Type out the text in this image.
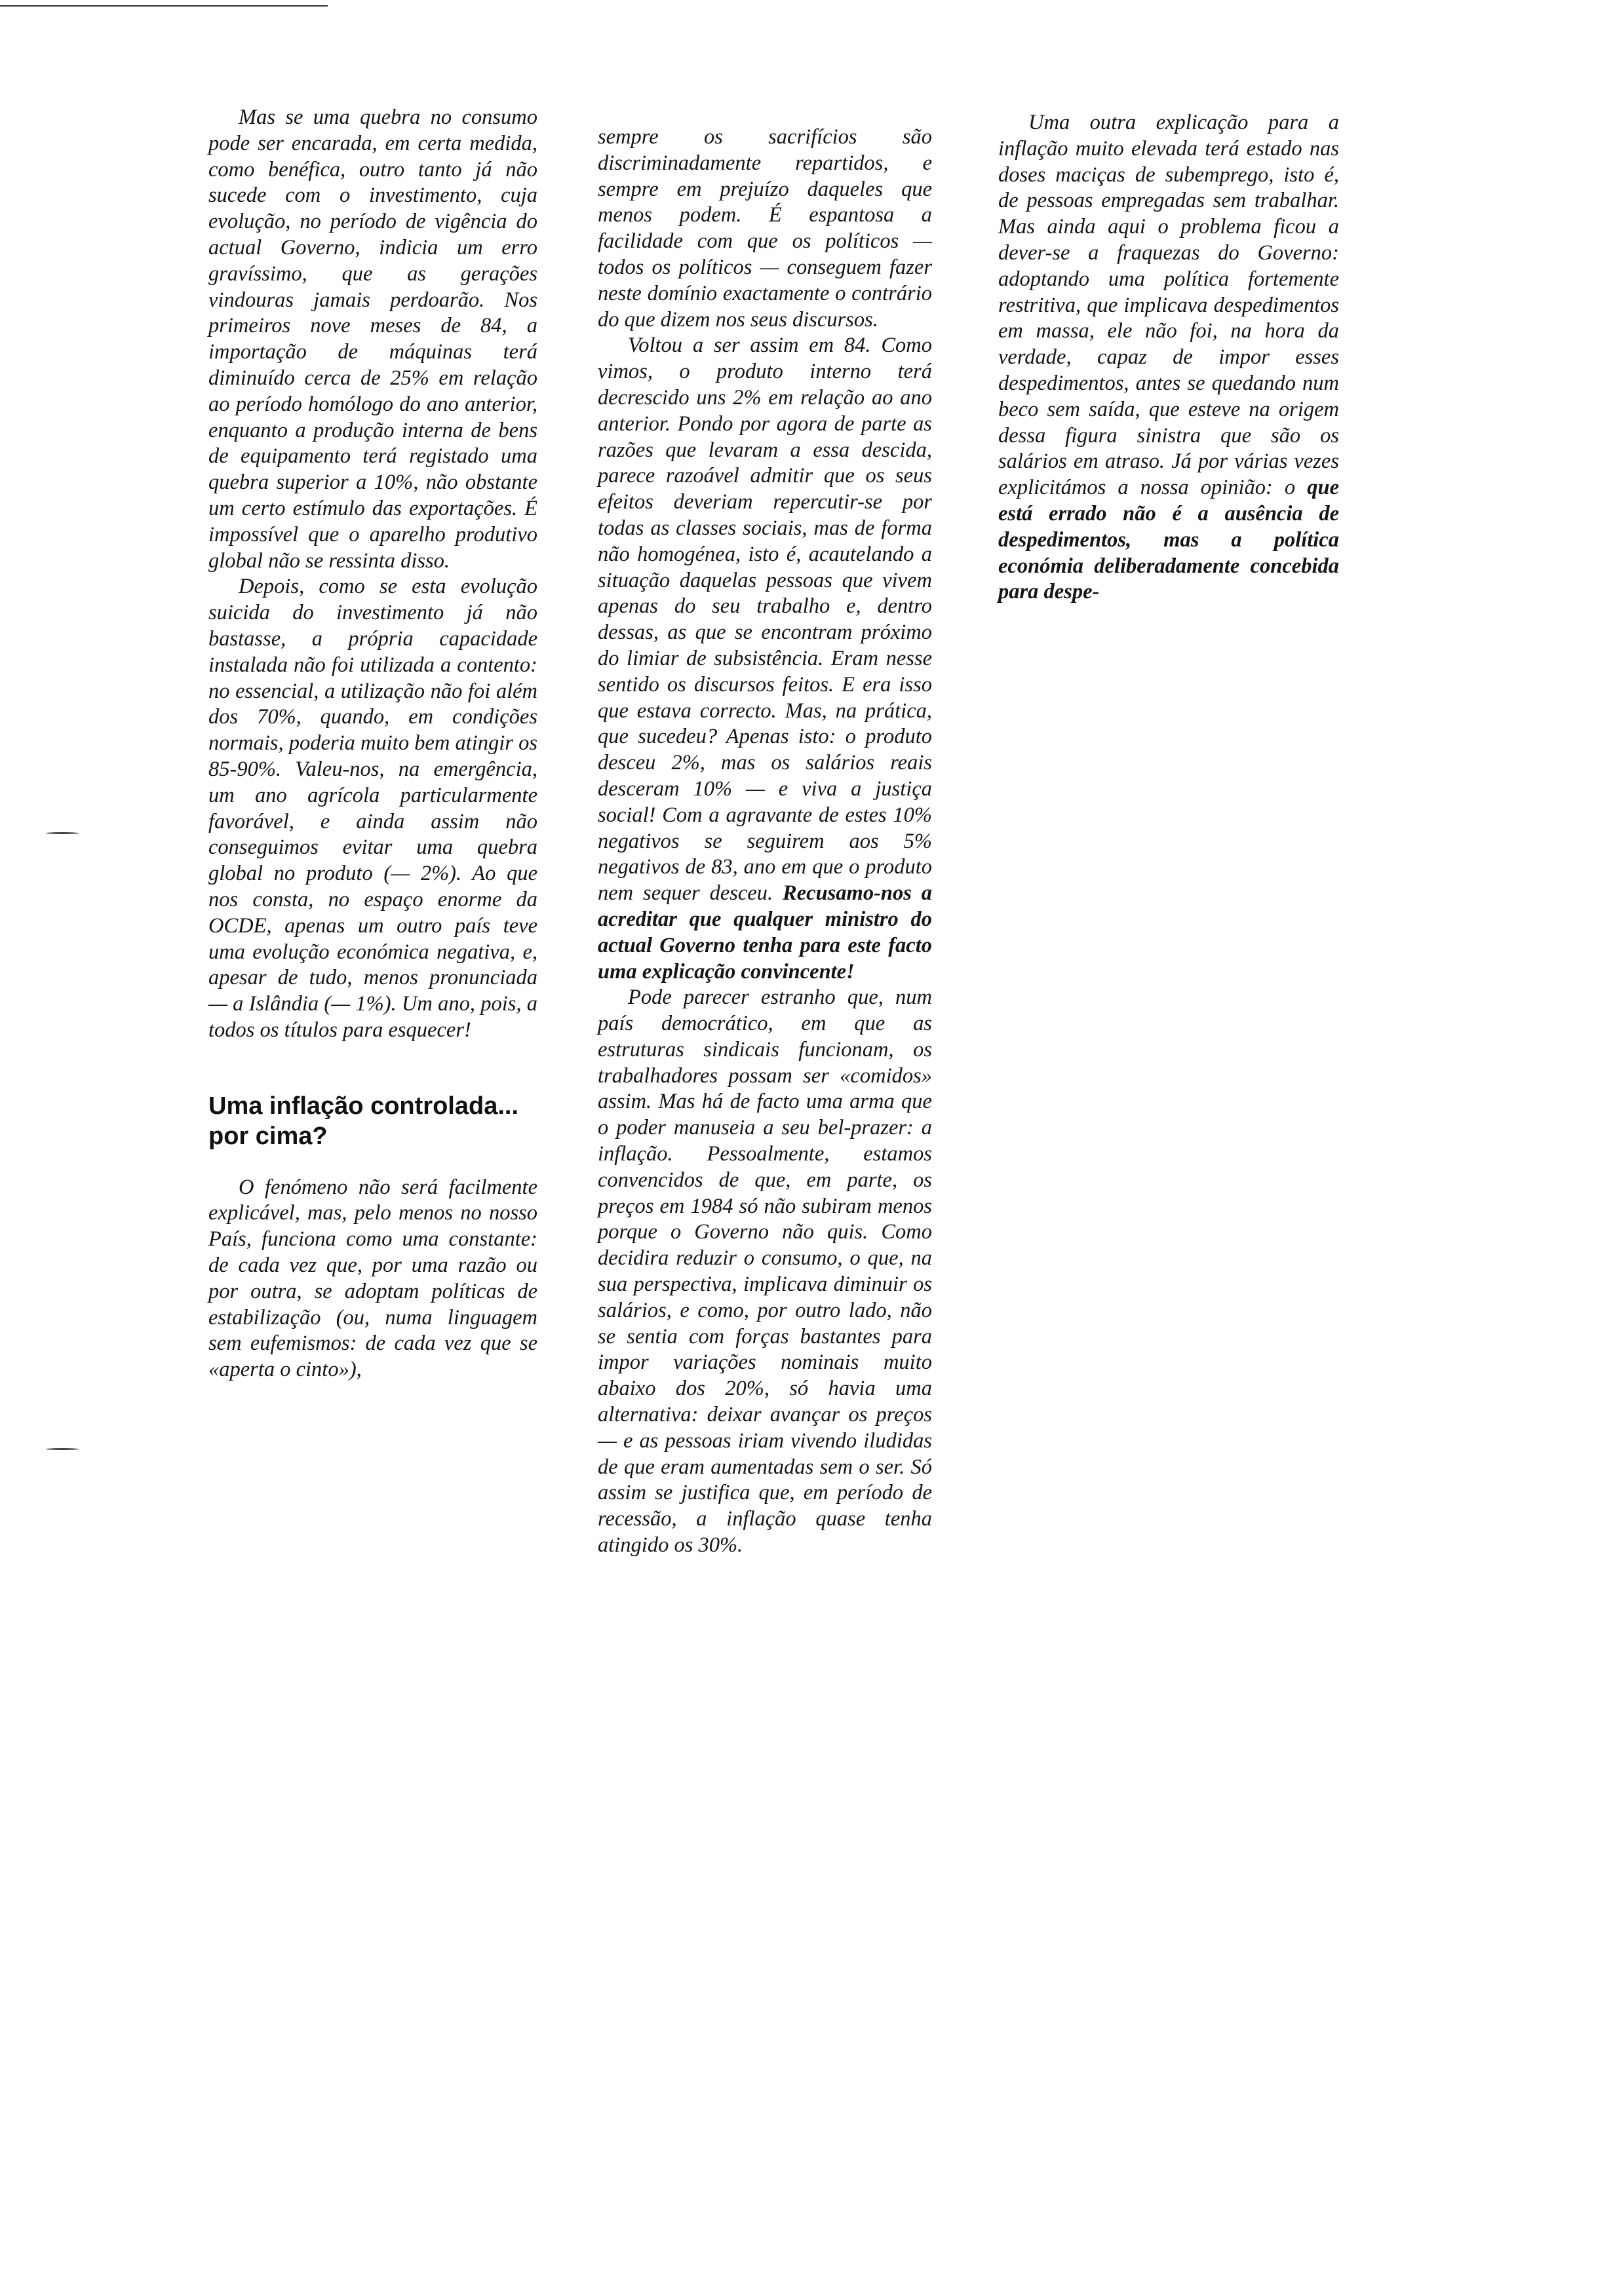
Mas se uma quebra no consumo pode ser encarada, em certa medida, como benéfica, outro tanto já não sucede com o investimento, cuja evolução, no período de vigência do actual Governo, indicia um erro gravíssimo, que as gerações vindouras jamais perdoarão. Nos primeiros nove meses de 84, a importação de máquinas terá diminuído cerca de 25% em relação ao período homólogo do ano anterior, enquanto a produção interna de bens de equipamento terá registado uma quebra superior a 10%, não obstante um certo estímulo das exportações. É impossível que o aparelho produtivo global não se ressinta disso.

Depois, como se esta evolução suicida do investimento já não bastasse, a própria capacidade instalada não foi utilizada a contento: no essencial, a utilização não foi além dos 70%, quando, em condições normais, poderia muito bem atingir os 85-90%. Valeu-nos, na emergência, um ano agrícola particularmente favorável, e ainda assim não conseguimos evitar uma quebra global no produto (— 2%). Ao que nos consta, no espaço enorme da OCDE, apenas um outro país teve uma evolução económica negativa, e, apesar de tudo, menos pronunciada — a Islândia (— 1%). Um ano, pois, a todos os títulos para esquecer!

Uma inflação controlada... por cima?

O fenómeno não será facilmente explicável, mas, pelo menos no nosso País, funciona como uma constante: de cada vez que, por uma razão ou por outra, se adoptam políticas de estabilização (ou, numa linguagem sem eufemismos: de cada vez que se «aperta o cinto»),

sempre os sacrifícios são discriminadamente repartidos, e sempre em prejuízo daqueles que menos podem. É espantosa a facilidade com que os políticos — todos os políticos — conseguem fazer neste domínio exactamente o contrário do que dizem nos seus discursos.

Voltou a ser assim em 84. Como vimos, o produto interno terá decrescido uns 2% em relação ao ano anterior. Pondo por agora de parte as razões que levaram a essa descida, parece razoável admitir que os seus efeitos deveriam repercutir-se por todas as classes sociais, mas de forma não homogénea, isto é, acautelando a situação daquelas pessoas que vivem apenas do seu trabalho e, dentro dessas, as que se encontram próximo do limiar de subsistência. Eram nesse sentido os discursos feitos. E era isso que estava correcto. Mas, na prática, que sucedeu? Apenas isto: o produto desceu 2%, mas os salários reais desceram 10% — e viva a justiça social! Com a agravante de estes 10% negativos se seguirem aos 5% negativos de 83, ano em que o produto nem sequer desceu. Recusamo-nos a acreditar que qualquer ministro do actual Governo tenha para este facto uma explicação convincente!

Pode parecer estranho que, num país democrático, em que as estruturas sindicais funcionam, os trabalhadores possam ser «comidos» assim. Mas há de facto uma arma que o poder manuseia a seu bel-prazer: a inflação. Pessoalmente, estamos convencidos de que, em parte, os preços em 1984 só não subiram menos porque o Governo não quis. Como decidira reduzir o consumo, o que, na sua perspectiva, implicava diminuir os salários, e como, por outro lado, não se sentia com forças bastantes para impor variações nominais muito abaixo dos 20%, só havia uma alternativa: deixar avançar os preços — e as pessoas iriam vivendo iludidas de que eram aumentadas sem o ser. Só assim se justifica que, em período de recessão, a inflação quase tenha atingido os 30%.

Uma outra explicação para a inflação muito elevada terá estado nas doses maciças de subemprego, isto é, de pessoas empregadas sem trabalhar. Mas ainda aqui o problema ficou a dever-se a fraquezas do Governo: adoptando uma política fortemente restritiva, que implicava despedimentos em massa, ele não foi, na hora da verdade, capaz de impor esses despedimentos, antes se quedando num beco sem saída, que esteve na origem dessa figura sinistra que são os salários em atraso. Já por várias vezes explicitámos a nossa opinião: o que está errado não é a ausência de despedimentos, mas a política económia deliberadamente concebida para despe-
